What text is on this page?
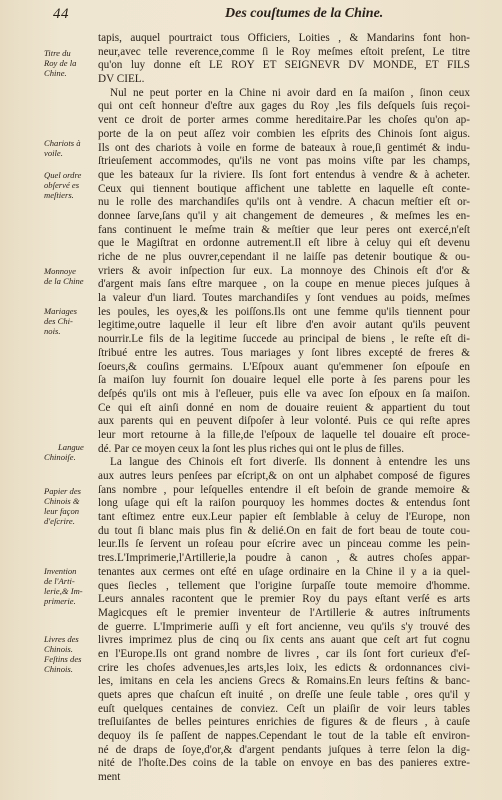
44	Des couſtumes de la Chine.
tapis, auquel pourtraict tous Officiers, Loities , & Mandarins font hon-
neur,avec telle reverence,comme ſi le Roy meſmes eſtoit preſent, Le titre
qu'on luy donne eſt LE ROY ET SEIGNEVR DV MONDE, ET FILS
DV CIEL.
Nul ne peut porter en la Chine ni avoir dard en ſa maiſon , ſinon ceux
qui ont ceſt honneur d'eſtre aux gages du Roy ,les fils deſquels ſuis reçoi-
vent ce droit de porter armes comme hereditaire.Par les choſes qu'on ap-
porte de la on peut aſſez voir combien les eſprits des Chinois ſont aigus.
Ils ont des chariots à voile en forme de bateaux à roue,ſi gentimét & indu-
ſtrieuſement accommodes, qu'ils ne vont pas moins viſte par les champs,
que les bateaux ſur la riviere. Ils ſont fort entendus à vendre & à acheter.
Ceux qui tiennent boutique affichent une tablette en laquelle eſt conte-
nu le rolle des marchandiſes qu'ils ont à vendre. A chacun meſtier eſt or-
donnee ſarve,ſans qu'il y ait changement de demeures , & meſmes les en-
fans continuent le meſme train & meſtier que leur peres ont exercé,n'eſt
que le Magiſtrat en ordonne autrement.Il eſt libre à celuy qui eſt devenu
riche de ne plus ouvrer,cependant il ne laiſſe pas detenir boutique & ou-
vriers & avoir inſpection ſur eux. La monnoye des Chinois eſt d'or &
d'argent mais ſans eſtre marquee , on la coupe en menue pieces juſques à
la valeur d'un liard. Toutes marchandiſes y ſont vendues au poids, meſmes
les poules, les oyes,& les poiſſons.Ils ont une femme qu'ils tiennent pour
legitime,outre laquelle il leur eſt libre d'en avoir autant qu'ils peuvent
nourrir.Le fils de la legitime ſuccede au principal de biens , le reſte eſt di-
ſtribué entre les autres. Tous mariages y ſont libres excepté de freres &
ſoeurs,& couſins germains. L'Eſpoux auant qu'emmener ſon eſpouſe en
ſa maiſon luy fournit ſon douaire lequel elle porte à ſes parens pour les
deſpés qu'ils ont mis à l'eſleuer, puis elle va avec ſon eſpoux en ſa maiſon.
Ce qui eſt ainſi donné en nom de douaire reuient & appartient du tout
aux parents qui en peuvent diſpoſer à leur volonté. Puis ce qui reſte apres
leur mort retourne à la fille,de l'eſpoux de laquelle tel douaire eſt proce-
dé. Par ce moyen ceux la ſont les plus riches qui ont le plus de filles.
La langue des Chinois eſt fort diverſe. Ils donnent à entendre les uns
aux autres leurs penſees par eſcript,& on ont un alphabet composé de figures
ſans nombre , pour leſquelles entendre il eſt beſoin de grande memoire &
long uſage qui eſt la raiſon pourquoy les hommes doctes & entendus ſont
tant eſtimez entre eux.Leur papier eſt ſemblable à celuy de l'Europe, non
du tout ſi blanc mais plus fin & delié.On en fait de fort beau de toute cou-
leur.Ils ſe ſervent un roſeau pour eſcrire avec un pinceau comme les pein-
tres.L'Imprimerie,l'Artillerie,la poudre à canon , & autres choſes appar-
tenantes aux cermes ont eſté en uſage ordinaire en la Chine il y a ia quel-
ques ſiecles , tellement que l'origine ſurpaſſe toute memoire d'homme.
Leurs annales racontent que le premier Roy du pays eſtant verſé es arts
Magicques eſt le premier inventeur de l'Artillerie & autres inſtruments
de guerre. L'Imprimerie auſſi y eſt fort ancienne, veu qu'ils s'y trouvé des
livres imprimez plus de cinq ou ſix cents ans auant que ceſt art fut cognu
en l'Europe.Ils ont grand nombre de livres , car ils ſont fort curieux d'eſ-
crire les choſes advenues,les arts,les loix, les edicts & ordonnances civi-
les, imitans en cela les anciens Grecs & Romains.En leurs feſtins & banc-
quets apres que chaſcun eſt inuité , on dreſſe une ſeule table , ores qu'il y
euſt quelques centaines de conviez. Ceſt un plaiſir de voir leurs tables
treſluiſantes de belles peintures enrichies de figures & de fleurs , à cauſe
dequoy ils ſe paſſent de nappes.Cependant le tout de la table eſt environ-
né de draps de ſoye,d'or,& d'argent pendants juſques à terre ſelon la dig-
nité de l'hoſte.Des coins de la table on envoye en bas des panieres extre-
ment
Titre du
Roy de la
Chine.
Chariots à
voile.
Quel ordre
obſervé es
meſtiers.
Monnoye
de la Chine
Mariages
des Chi-
nois.
Langue
Chinoiſe.
Papier des
Chinois &
leur façon
d'eſcrire.
Invention
de l'Arti-
lerie,& Im-
primerie.
Livres des
Chinois.
Feſtins des
Chinois.
